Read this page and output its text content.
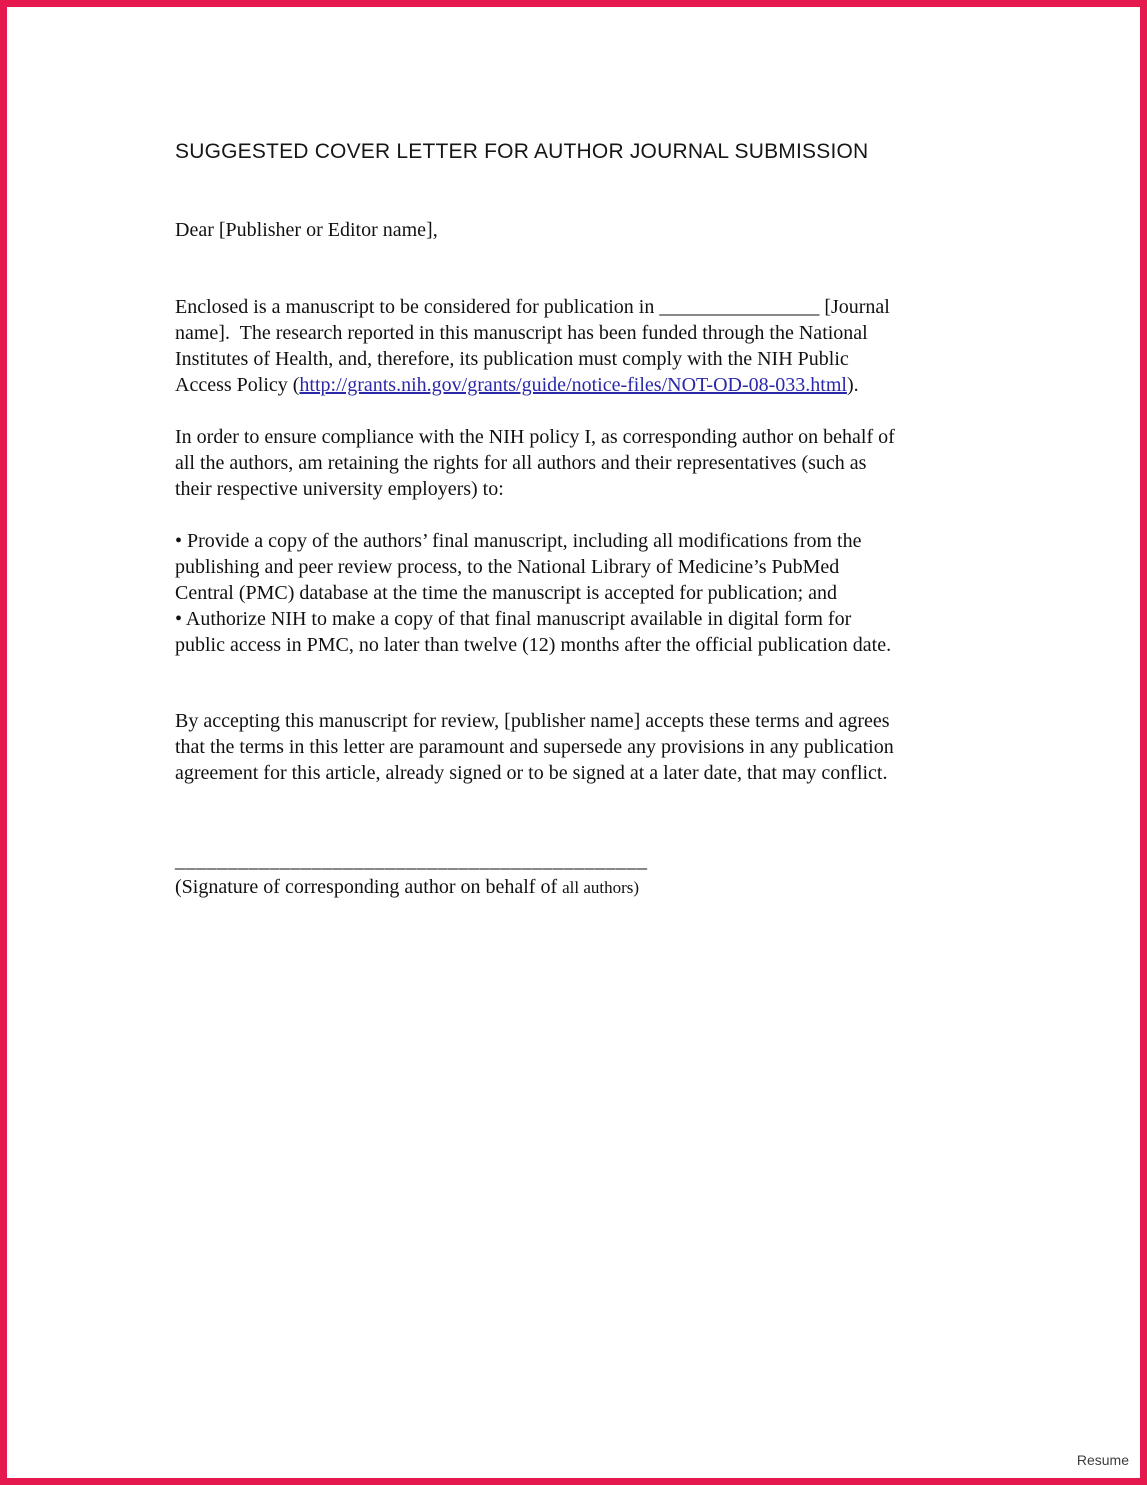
SUGGESTED COVER LETTER FOR AUTHOR JOURNAL SUBMISSION
Dear [Publisher or Editor name],
Enclosed is a manuscript to be considered for publication in ________________ [Journal
name].  The research reported in this manuscript has been funded through the National
Institutes of Health, and, therefore, its publication must comply with the NIH Public
Access Policy (http://grants.nih.gov/grants/guide/notice-files/NOT-OD-08-033.html).
In order to ensure compliance with the NIH policy I, as corresponding author on behalf of
all the authors, am retaining the rights for all authors and their representatives (such as
their respective university employers) to:
• Provide a copy of the authors’ final manuscript, including all modifications from the
publishing and peer review process, to the National Library of Medicine’s PubMed
Central (PMC) database at the time the manuscript is accepted for publication; and
• Authorize NIH to make a copy of that final manuscript available in digital form for
public access in PMC, no later than twelve (12) months after the official publication date.
By accepting this manuscript for review, [publisher name] accepts these terms and agrees
that the terms in this letter are paramount and supersede any provisions in any publication
agreement for this article, already signed or to be signed at a later date, that may conflict.
_____________________________________________
(Signature of corresponding author on behalf of all authors)
Resume
